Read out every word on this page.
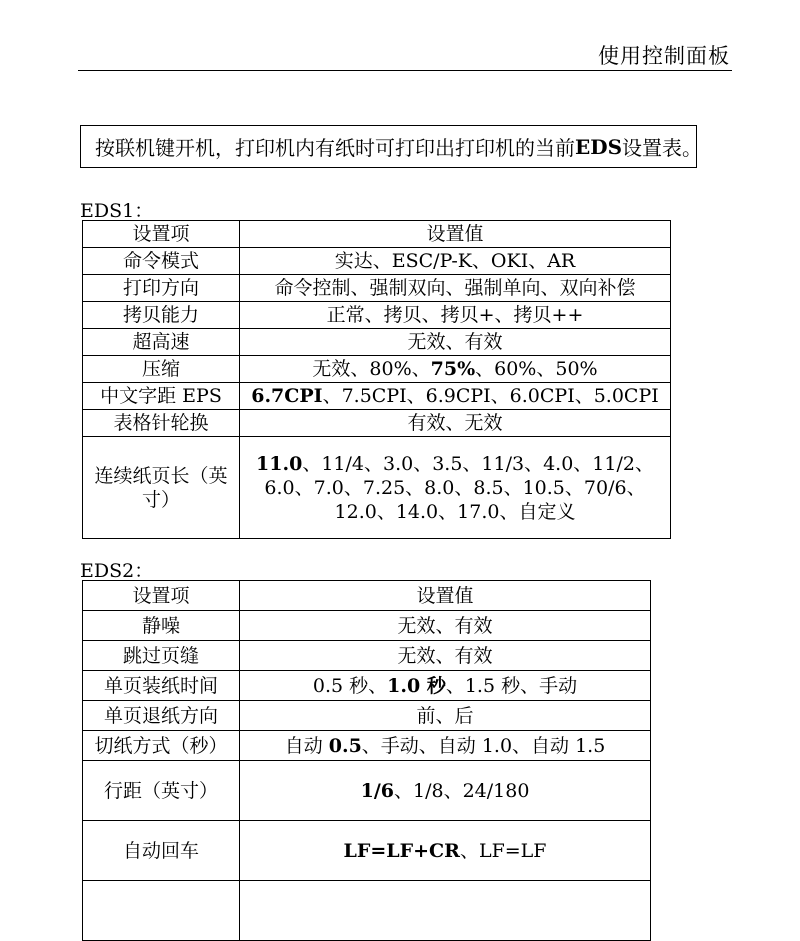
使用控制面板
按联机键开机，打印机内有纸时可打印出打印机的当前 EDS 设置表。
EDS1：
设置项	设置值
命令模式	实达、ESC/P-K、OKI、AR
打印方向	命令控制、强制双向、强制单向、双向补偿
拷贝能力	正常、拷贝、拷贝+、拷贝++
超高速	无效、有效
压缩	无效、80%、75%、60%、50%
中文字距 EPS	6.7CPI、7.5CPI、6.9CPI、6.0CPI、5.0CPI
表格针轮换	有效、无效
连续纸页长（英寸）	11.0、11/4、3.0、3.5、11/3、4.0、11/2、6.0、7.0、7.25、8.0、8.5、10.5、70/6、12.0、14.0、17.0、自定义
EDS2：
设置项	设置值
静噪	无效、有效
跳过页缝	无效、有效
单页装纸时间	0.5 秒、1.0 秒、1.5 秒、手动
单页退纸方向	前、后
切纸方式（秒）	自动 0.5、手动、自动 1.0、自动 1.5
行距（英寸）	1/6、1/8、24/180
自动回车	LF=LF+CR、LF=LF
